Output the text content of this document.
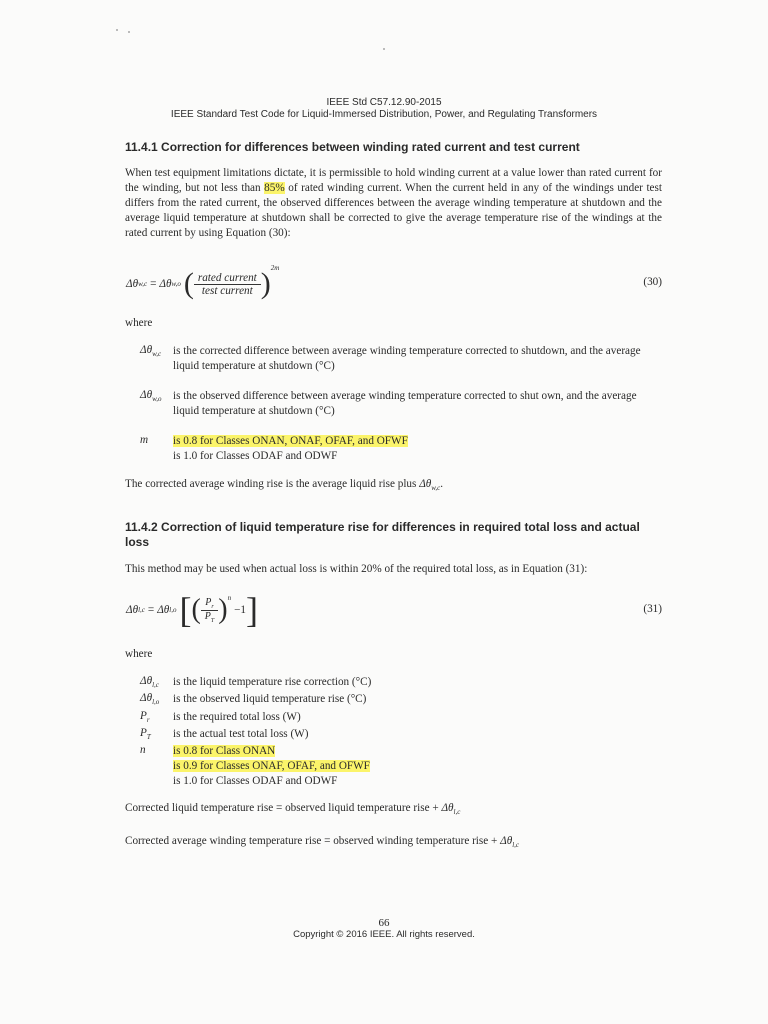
IEEE Std C57.12.90-2015
IEEE Standard Test Code for Liquid-Immersed Distribution, Power, and Regulating Transformers
11.4.1 Correction for differences between winding rated current and test current
When test equipment limitations dictate, it is permissible to hold winding current at a value lower than rated current for the winding, but not less than 85% of rated winding current. When the current held in any of the windings under test differs from the rated current, the observed differences between the average winding temperature at shutdown and the average liquid temperature at shutdown shall be corrected to give the average temperature rise of the windings at the rated current by using Equation (30):
Δθ w,c = Δθ w,o ( $\frac{\text{rated current}}{\text{test current}}$ ) 2m
(30)
where
$\Delta\theta_{w,c}$ is the corrected difference between average winding temperature corrected to shutdown, and the average liquid temperature at shutdown (°C)
$\Delta\theta_{w,o}$ is the observed difference between average winding temperature corrected to shut own, and the average liquid temperature at shutdown (°C)
m is 0.8 for Classes ONAN, ONAF, OFAF, and OFWF
is 1.0 for Classes ODAF and ODWF
The corrected average winding rise is the average liquid rise plus $\Delta\theta_{w,c}$.
11.4.2 Correction of liquid temperature rise for differences in required total loss and actual
loss
This method may be used when actual loss is within 20% of the required total loss, as in Equation (31):
Δθ l,c = Δθ l,o [ ( $\frac{P_r}{P_T}$ ) n
−1 ]	(31)
where
$\Delta\theta_{l,c}$ is the liquid temperature rise correction (°C)
$\Delta\theta_{l,o}$ is the observed liquid temperature rise (°C)
$P_r$ is the required total loss (W)
$P_T$ is the actual test total loss (W)
n is 0.8 for Class ONAN
is 0.9 for Classes ONAF, OFAF, and OFWF
is 1.0 for Classes ODAF and ODWF
Corrected liquid temperature rise = observed liquid temperature rise + $\Delta\theta_{l,c}$
Corrected average winding temperature rise = observed winding temperature rise + $\Delta\theta_{l,c}$
66
Copyright © 2016 IEEE. All rights reserved.
